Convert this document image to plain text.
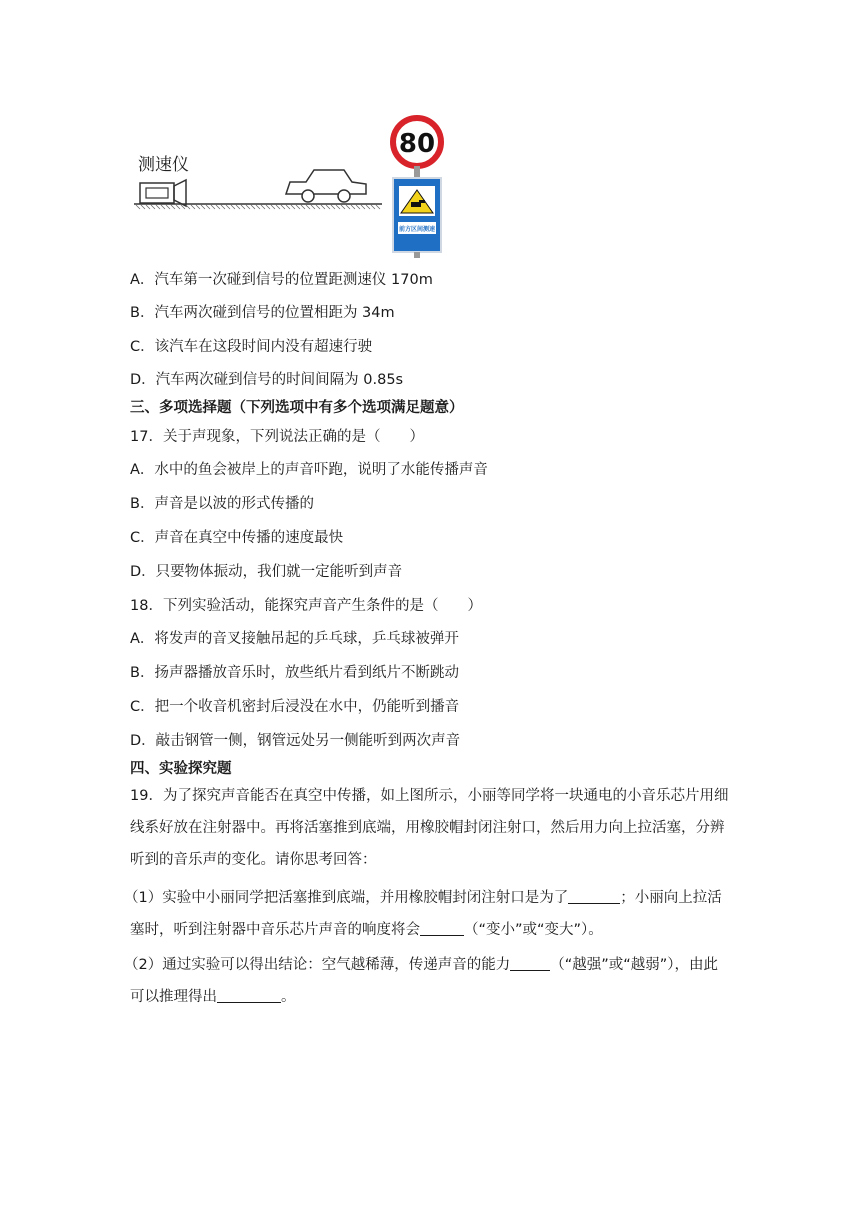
测速仪
80
前方区间测速
A．汽车第一次碰到信号的位置距测速仪 170m
B．汽车两次碰到信号的位置相距为 34m
C．该汽车在这段时间内没有超速行驶
D．汽车两次碰到信号的时间间隔为 0.85s
三、多项选择题（下列选项中有多个选项满足题意）
17．关于声现象，下列说法正确的是（　　）
A．水中的鱼会被岸上的声音吓跑，说明了水能传播声音
B．声音是以波的形式传播的
C．声音在真空中传播的速度最快
D．只要物体振动，我们就一定能听到声音
18．下列实验活动，能探究声音产生条件的是（　　）
A．将发声的音叉接触吊起的乒乓球，乒乓球被弹开
B．扬声器播放音乐时，放些纸片看到纸片不断跳动
C．把一个收音机密封后浸没在水中，仍能听到播音
D．敲击钢管一侧，钢管远处另一侧能听到两次声音
四、实验探究题
19．为了探究声音能否在真空中传播，如上图所示，小丽等同学将一块通电的小音乐芯片用细线系好放在注射器中。再将活塞推到底端，用橡胶帽封闭注射口，然后用力向上拉活塞，分辨听到的音乐声的变化。请你思考回答：
（1）实验中小丽同学把活塞推到底端，并用橡胶帽封闭注射口是为了	；小丽向上拉活塞时，听到注射器中音乐芯片声音的响度将会	（“变小”或“变大”）。
（2）通过实验可以得出结论：空气越稀薄，传递声音的能力	（“越强”或“越弱”），由此可以推理得出	。
